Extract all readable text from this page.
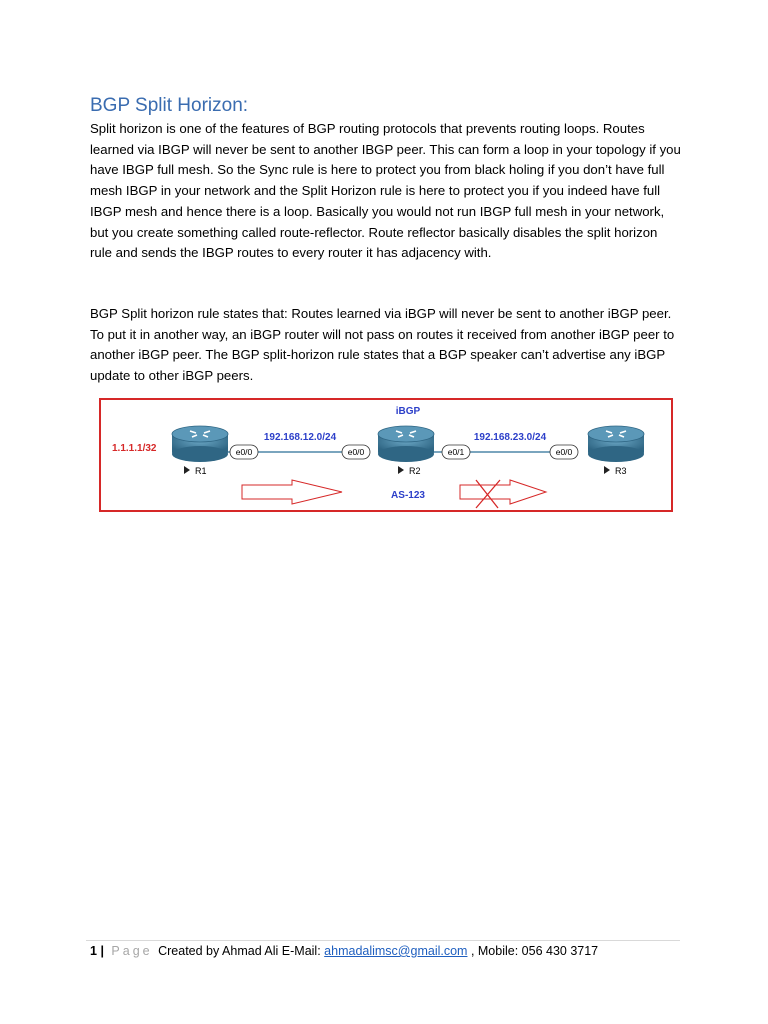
BGP Split Horizon:

Split horizon is one of the features of BGP routing protocols that prevents routing loops. Routes learned via IBGP will never be sent to another IBGP peer. This can form a loop in your topology if you have IBGP full mesh. So the Sync rule is here to protect you from black holing if you don’t have full mesh IBGP in your network and the Split Horizon rule is here to protect you if you indeed have full IBGP mesh and hence there is a loop. Basically you would not run IBGP full mesh in your network, but you create something called route-reflector. Route reflector basically disables the split horizon rule and sends the IBGP routes to every router it has adjacency with.

BGP Split horizon rule states that: Routes learned via iBGP will never be sent to another iBGP peer. To put it in another way, an iBGP router will not pass on routes it received from another iBGP peer to another iBGP peer. The BGP split-horizon rule states that a BGP speaker can’t advertise any iBGP update to other iBGP peers.

R1	R2	R3
e0/0	e0/0	e0/1	e0/0
192.168.12.0/24	192.168.23.0/24
iBGP
AS-123
1.1.1.1/32
1 | Page Created by Ahmad Ali E-Mail: ahmadalimsc@gmail.com , Mobile: 056 430 3717
